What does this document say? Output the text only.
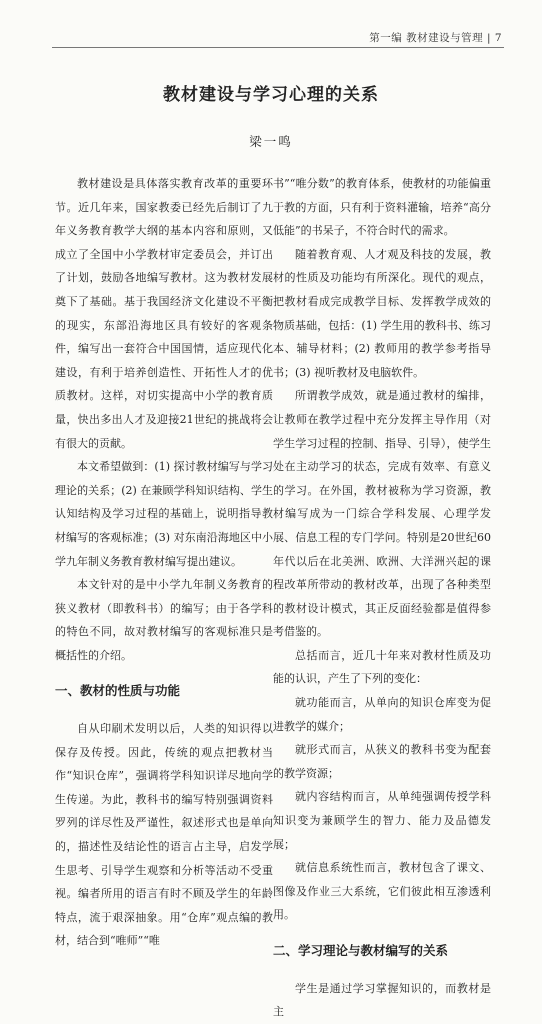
第一编 教材建设与管理 | 7
教材建设与学习心理的关系
梁一鸣

教材建设是具体落实教育改革的重要环节。近几年来，国家教委已经先后制订了九年义务教育教学大纲的基本内容和原则，又成立了全国中小学教材审定委员会，并订出了计划，鼓励各地编写教材。这为教材发展奠下了基础。基于我国经济文化建设不平衡的现实，东部沿海地区具有较好的客观条件，编写出一套符合中国国情，适应现代化建设，有利于培养创造性、开拓性人才的优质教材。这样，对切实提高中小学的教育质量，快出多出人才及迎接21世纪的挑战将会有很大的贡献。

本文希望做到：(1) 探讨教材编写与学习理论的关系；(2) 在兼顾学科知识结构、学生认知结构及学习过程的基础上，说明指导教材编写的客观标准；(3) 对东南沿海地区中小学九年制义务教育教材编写提出建议。

本文针对的是中小学九年制义务教育的狭义教材（即教科书）的编写；由于各学科的特色不同，故对教材编写的客观标准只是概括性的介绍。

一、教材的性质与功能

自从印刷术发明以后，人类的知识得以保存及传授。因此，传统的观点把教材当作“知识仓库”，强调将学科知识详尽地向学生传递。为此，教科书的编写特别强调资料罗列的详尽性及严谨性，叙述形式也是单向的，描述性及结论性的语言占主导，启发学生思考、引导学生观察和分析等活动不受重视。编者所用的语言有时不顾及学生的年龄特点，流于艰深抽象。用“仓库”观点编的教材，结合到“唯师”“唯

书”“唯分数”的教育体系，使教材的功能偏重于教的方面，只有利于资料灌输，培养“高分低能”的书呆子，不符合时代的需求。

随着教育观、人才观及科技的发展，教材的性质及功能均有所深化。现代的观点，把教材看成完成教学目标、发挥教学成效的物质基础，包括：(1) 学生用的教科书、练习本、辅导材料；(2) 教师用的教学参考指导书；(3) 视听教材及电脑软件。

所谓教学成效，就是通过教材的编排，让教师在教学过程中充分发挥主导作用（对学生学习过程的控制、指导、引导），使学生处在主动学习的状态，完成有效率、有意义的学习。在外国，教材被称为学习资源，教材编写成为一门综合学科发展、心理学发展、信息工程的专门学问。特别是20世纪60年代以后在北美洲、欧洲、大洋洲兴起的课程改革所带动的教材改革，出现了各种类型的教材设计模式，其正反面经验都是值得参考借鉴的。

总括而言，近几十年来对教材性质及功能的认识，产生了下列的变化：

就功能而言，从单向的知识仓库变为促进教学的媒介；

就形式而言，从狭义的教科书变为配套的教学资源；

就内容结构而言，从单纯强调传授学科知识变为兼顾学生的智力、能力及品德发展；

就信息系统性而言，教材包含了课文、图像及作业三大系统，它们彼此相互渗透利用。

二、学习理论与教材编写的关系

学生是通过学习掌握知识的，而教材是主
